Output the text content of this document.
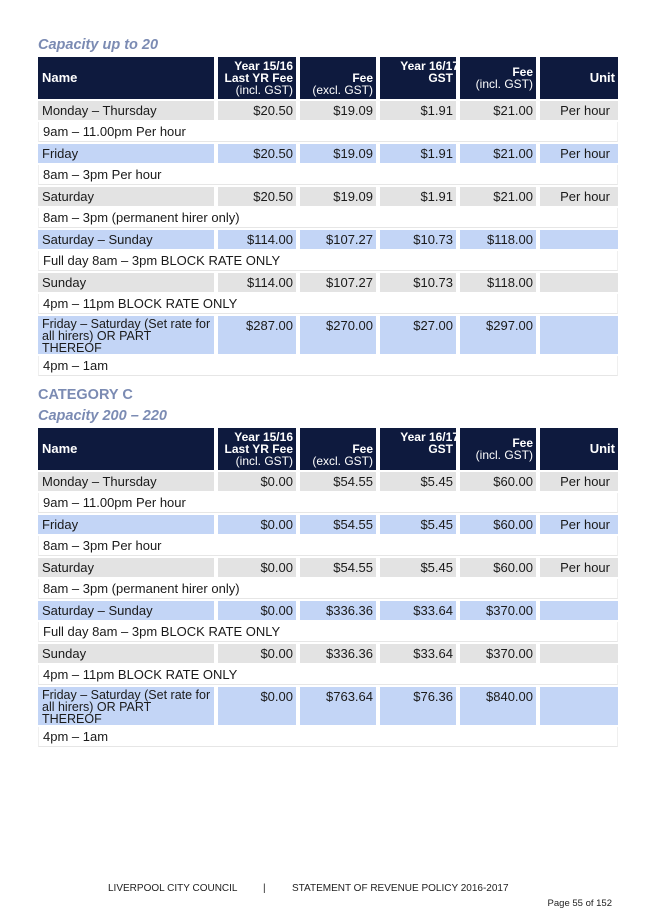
Capacity up to 20
Name	Year 15/16
Last YR Fee
(incl. GST)	Fee
(excl. GST)	Year 16/17
GST	Fee
(incl. GST)	Unit

Monday – Thursday	$20.50	$19.09	$1.91	$21.00	Per hour

9am – 11.00pm Per hour					

Friday	$20.50	$19.09	$1.91	$21.00	Per hour

8am – 3pm Per hour					

Saturday	$20.50	$19.09	$1.91	$21.00	Per hour

8am – 3pm (permanent hirer only)					

Saturday – Sunday	$114.00	$107.27	$10.73	$118.00	

Full day 8am – 3pm BLOCK RATE ONLY					

Sunday	$114.00	$107.27	$10.73	$118.00	

4pm – 11pm BLOCK RATE ONLY					

Friday – Saturday (Set rate for all hirers) OR PART THEREOF	$287.00	$270.00	$27.00	$297.00	

4pm – 1am					
CATEGORY C
Capacity 200 – 220
Name	Year 15/16
Last YR Fee
(incl. GST)	Fee
(excl. GST)	Year 16/17
GST	Fee
(incl. GST)	Unit

Monday – Thursday	$0.00	$54.55	$5.45	$60.00	Per hour

9am – 11.00pm Per hour					

Friday	$0.00	$54.55	$5.45	$60.00	Per hour

8am – 3pm Per hour					

Saturday	$0.00	$54.55	$5.45	$60.00	Per hour

8am – 3pm (permanent hirer only)					

Saturday – Sunday	$0.00	$336.36	$33.64	$370.00	

Full day 8am – 3pm BLOCK RATE ONLY					

Sunday	$0.00	$336.36	$33.64	$370.00	

4pm – 11pm BLOCK RATE ONLY					

Friday – Saturday (Set rate for all hirers) OR PART THEREOF	$0.00	$763.64	$76.36	$840.00	

4pm – 1am					
LIVERPOOL CITY COUNCIL	|	STATEMENT OF REVENUE POLICY 2016-2017
Page 55 of 152
